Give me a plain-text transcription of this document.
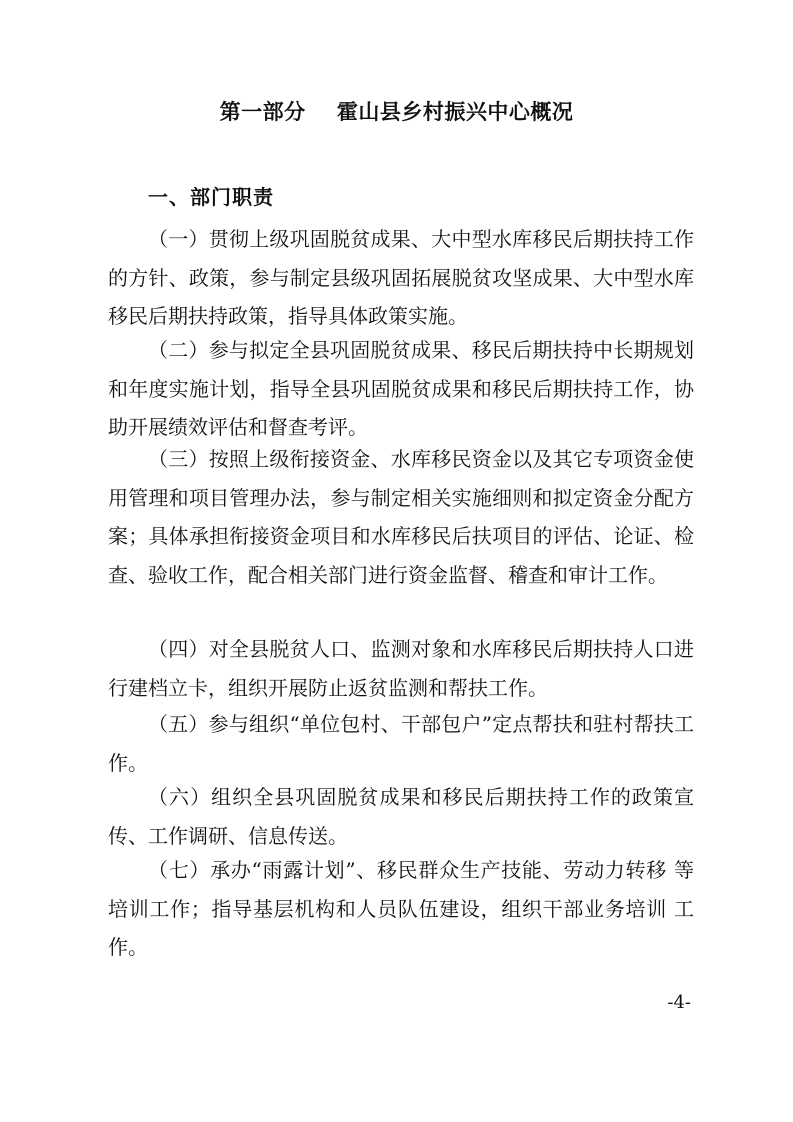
第一部分    霍山县乡村振兴中心概况
一、部门职责
（一）贯彻上级巩固脱贫成果、大中型水库移民后期扶持工作的方针、政策，参与制定县级巩固拓展脱贫攻坚成果、大中型水库移民后期扶持政策，指导具体政策实施。
（二）参与拟定全县巩固脱贫成果、移民后期扶持中长期规划和年度实施计划，指导全县巩固脱贫成果和移民后期扶持工作，协助开展绩效评估和督查考评。
（三）按照上级衔接资金、水库移民资金以及其它专项资金使用管理和项目管理办法，参与制定相关实施细则和拟定资金分配方案；具体承担衔接资金项目和水库移民后扶项目的评估、论证、检查、验收工作，配合相关部门进行资金监督、稽查和审计工作。
（四）对全县脱贫人口、监测对象和水库移民后期扶持人口进 行建档立卡，组织开展防止返贫监测和帮扶工作。
（五）参与组织“单位包村、干部包户”定点帮扶和驻村帮扶工作。
（六）组织全县巩固脱贫成果和移民后期扶持工作的政策宣传、工作调研、信息传送。
（七）承办“雨露计划”、移民群众生产技能、劳动力转移 等培训工作；指导基层机构和人员队伍建设，组织干部业务培训 工作。
-4-
